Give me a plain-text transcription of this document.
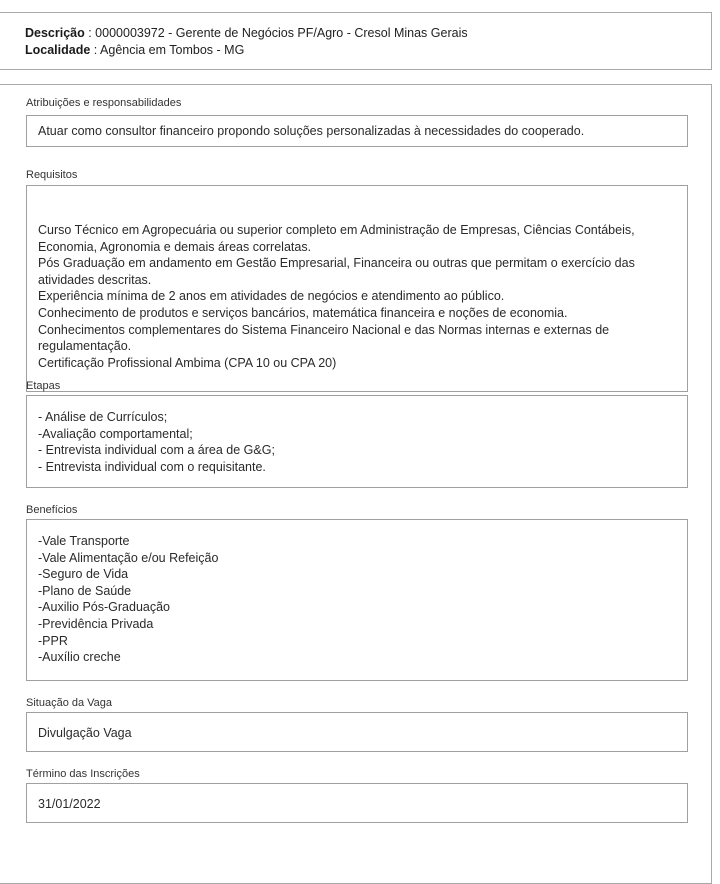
Descrição : 0000003972 - Gerente de Negócios PF/Agro - Cresol Minas Gerais
Localidade : Agência em Tombos - MG
Atribuições e responsabilidades
Atuar como consultor financeiro propondo soluções personalizadas à necessidades do cooperado.
Requisitos
Curso Técnico em Agropecuária ou superior completo em Administração de Empresas, Ciências Contábeis,
Economia, Agronomia e demais áreas correlatas.
Pós Graduação em andamento em Gestão Empresarial, Financeira ou outras que permitam o exercício das
atividades descritas.
Experiência mínima de 2 anos em atividades de negócios e atendimento ao público.
Conhecimento de produtos e serviços bancários, matemática financeira e noções de economia.
Conhecimentos complementares do Sistema Financeiro Nacional e das Normas internas e externas de
regulamentação.
Certificação Profissional Ambima (CPA 10 ou CPA 20)
Etapas
- Análise de Currículos;
-Avaliação comportamental;
- Entrevista individual com a área de G&G;
- Entrevista individual com o requisitante.
Benefícios
-Vale Transporte
-Vale Alimentação e/ou Refeição
-Seguro de Vida
-Plano de Saúde
-Auxilio Pós-Graduação
-Previdência Privada
-PPR
-Auxílio creche
Situação da Vaga
Divulgação Vaga
Término das Inscrições
31/01/2022
